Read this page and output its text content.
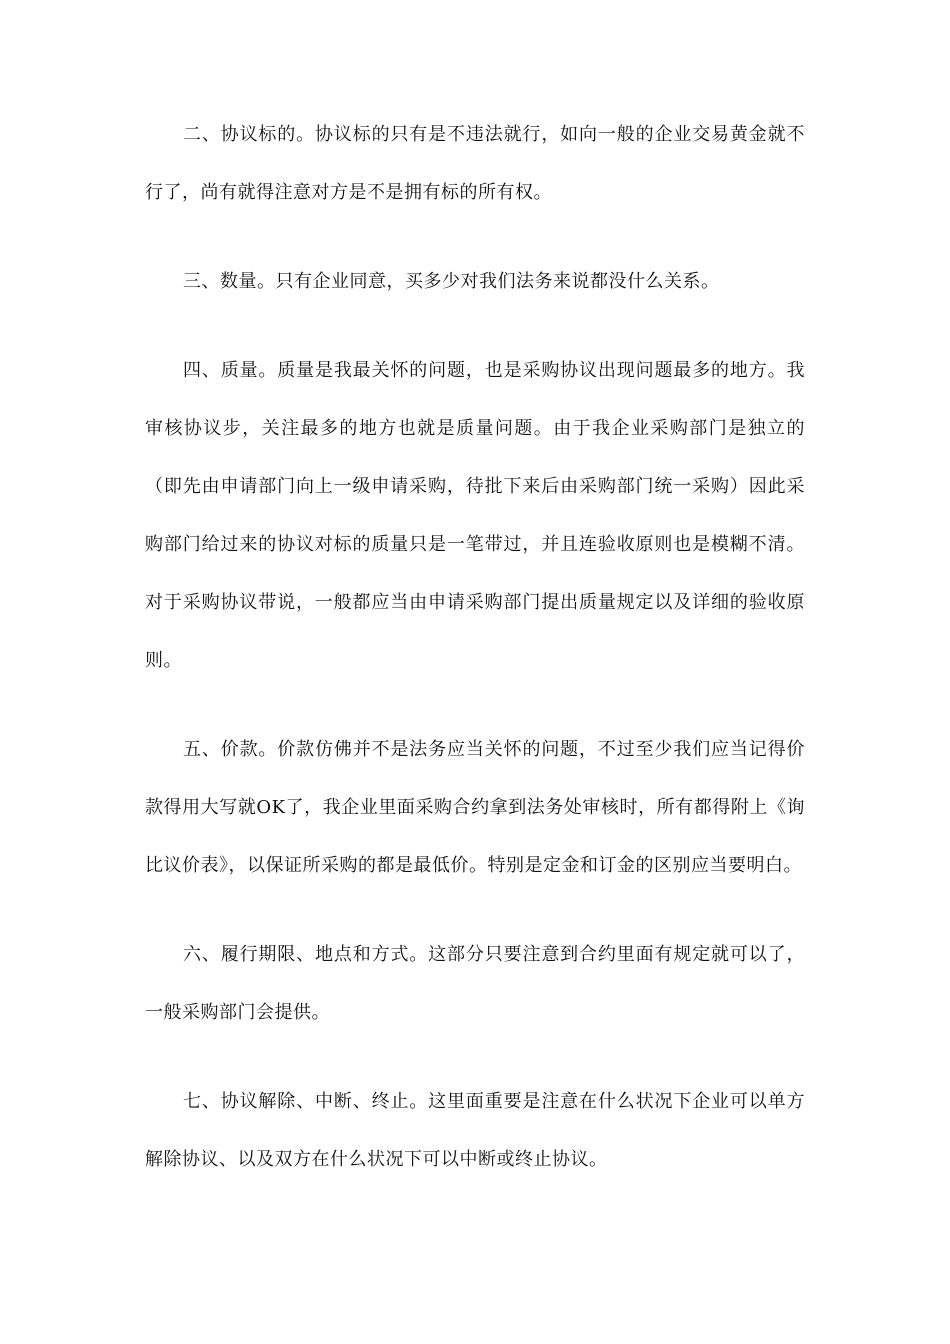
二、协议标的。协议标的只有是不违法就行，如向一般的企业交易黄金就不行了，尚有就得注意对方是不是拥有标的所有权。

三、数量。只有企业同意，买多少对我们法务来说都没什么关系。

四、质量。质量是我最关怀的问题，也是采购协议出现问题最多的地方。我审核协议步，关注最多的地方也就是质量问题。由于我企业采购部门是独立的（即先由申请部门向上一级申请采购，待批下来后由采购部门统一采购）因此采购部门给过来的协议对标的质量只是一笔带过，并且连验收原则也是模糊不清。对于采购协议带说，一般都应当由申请采购部门提出质量规定以及详细的验收原则。

五、价款。价款仿佛并不是法务应当关怀的问题，不过至少我们应当记得价款得用大写就OK了，我企业里面采购合约拿到法务处审核时，所有都得附上《询比议价表》，以保证所采购的都是最低价。特别是定金和订金的区别应当要明白。

六、履行期限、地点和方式。这部分只要注意到合约里面有规定就可以了，一般采购部门会提供。

七、协议解除、中断、终止。这里面重要是注意在什么状况下企业可以单方解除协议、以及双方在什么状况下可以中断或终止协议。
